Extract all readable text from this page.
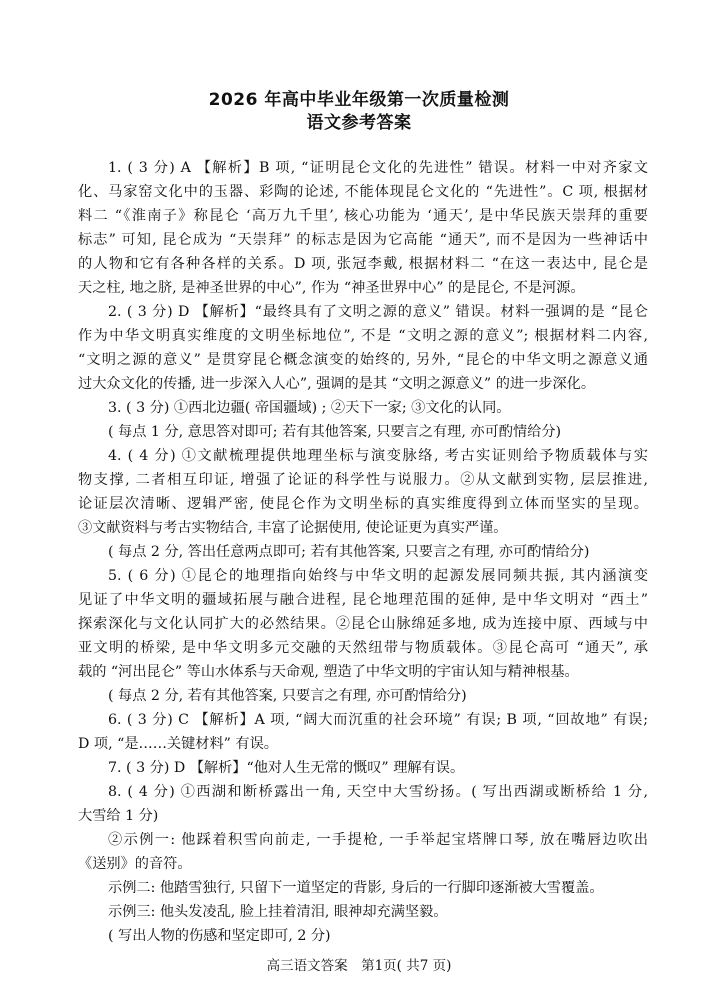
2026 年高中毕业年级第一次质量检测
语文参考答案
1. ( 3 分) A 【解析】B 项, “证明昆仑文化的先进性” 错误。材料一中对齐家文
化、马家窑文化中的玉器、彩陶的论述, 不能体现昆仑文化的 “先进性”。C 项, 根据材
料二 “《淮南子》称昆仑 ‘高万九千里’, 核心功能为 ‘通天’, 是中华民族天崇拜的重要
标志” 可知, 昆仑成为 “天崇拜” 的标志是因为它高能 “通天”, 而不是因为一些神话中
的人物和它有各种各样的关系。D 项, 张冠李戴, 根据材料二 “在这一表达中, 昆仑是
天之柱, 地之脐, 是神圣世界的中心”, 作为 “神圣世界中心” 的是昆仑, 不是河源。
2. ( 3 分) D 【解析】“最终具有了文明之源的意义” 错误。材料一强调的是 “昆仑
作为中华文明真实维度的文明坐标地位”, 不是 “文明之源的意义”; 根据材料二内容,
“文明之源的意义” 是贯穿昆仑概念演变的始终的, 另外, “昆仑的中华文明之源意义通
过大众文化的传播, 进一步深入人心”, 强调的是其 “文明之源意义” 的进一步深化。
3. ( 3 分) ①西北边疆( 帝国疆域) ; ②天下一家; ③文化的认同。
( 每点 1 分, 意思答对即可; 若有其他答案, 只要言之有理, 亦可酌情给分)
4. ( 4 分) ①文献梳理提供地理坐标与演变脉络, 考古实证则给予物质载体与实
物支撑, 二者相互印证, 增强了论证的科学性与说服力。②从文献到实物, 层层推进,
论证层次清晰、逻辑严密, 使昆仑作为文明坐标的真实维度得到立体而坚实的呈现。
③文献资料与考古实物结合, 丰富了论据使用, 使论证更为真实严谨。
( 每点 2 分, 答出任意两点即可; 若有其他答案, 只要言之有理, 亦可酌情给分)
5. ( 6 分) ①昆仑的地理指向始终与中华文明的起源发展同频共振, 其内涵演变
见证了中华文明的疆域拓展与融合进程, 昆仑地理范围的延伸, 是中华文明对 “西土”
探索深化与文化认同扩大的必然结果。②昆仑山脉绵延多地, 成为连接中原、西域与中
亚文明的桥梁, 是中华文明多元交融的天然纽带与物质载体。③昆仑高可 “通天”, 承
载的 “河出昆仑” 等山水体系与天命观, 塑造了中华文明的宇宙认知与精神根基。
( 每点 2 分, 若有其他答案, 只要言之有理, 亦可酌情给分)
6. ( 3 分) C 【解析】A 项, “阔大而沉重的社会环境” 有误; B 项, “回故地” 有误;
D 项, “是……关键材料” 有误。
7. ( 3 分) D 【解析】“他对人生无常的慨叹” 理解有误。
8. ( 4 分) ①西湖和断桥露出一角, 天空中大雪纷扬。( 写出西湖或断桥给 1 分,
大雪给 1 分)
②示例一: 他踩着积雪向前走, 一手提枪, 一手举起宝塔牌口琴, 放在嘴唇边吹出
《送别》的音符。
示例二: 他踏雪独行, 只留下一道坚定的背影, 身后的一行脚印逐渐被大雪覆盖。
示例三: 他头发凌乱, 脸上挂着清泪, 眼神却充满坚毅。
( 写出人物的伤感和坚定即可, 2 分)
高三语文答案　第1页( 共7 页)
